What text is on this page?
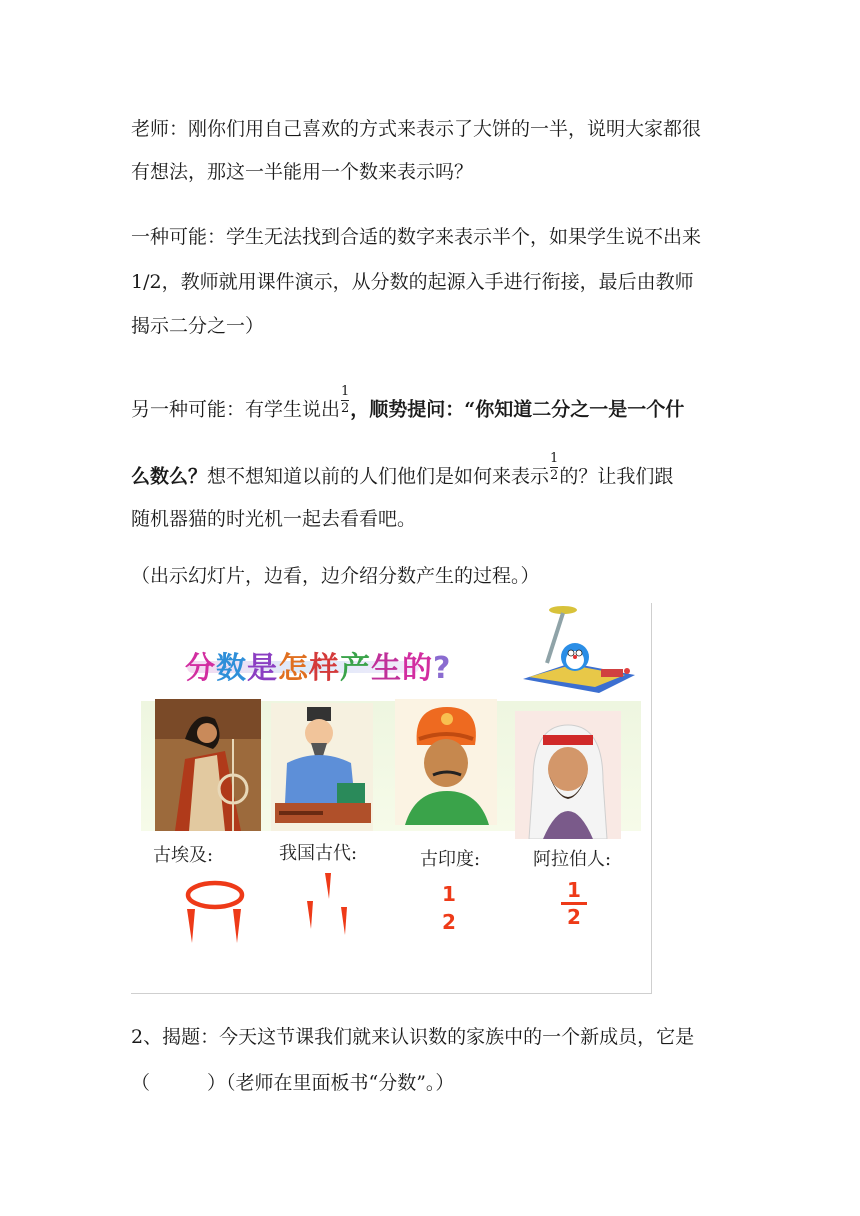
老师：刚你们用自己喜欢的方式来表示了大饼的一半，说明大家都很
有想法，那这一半能用一个数来表示吗？
一种可能：学生无法找到合适的数字来表示半个，如果学生说不出来
1/2，教师就用课件演示，从分数的起源入手进行衔接，最后由教师
揭示二分之一）
另一种可能：有学生说出 $\frac{1}{2}$ ，顺势提问：“你知道二分之一是一个什
么数么？想不想知道以前的人们他们是如何来表示 $\frac{1}{2}$ 的？让我们跟
随机器猫的时光机一起去看看吧。
（出示幻灯片，边看，边介绍分数产生的过程。）
分数是怎样产生的?
古埃及:	我国古代:	古印度:	阿拉伯人:
1
2
1
2
2、揭题：今天这节课我们就来认识数的家族中的一个新成员，它是
（　　　）（老师在里面板书“分数”。）
